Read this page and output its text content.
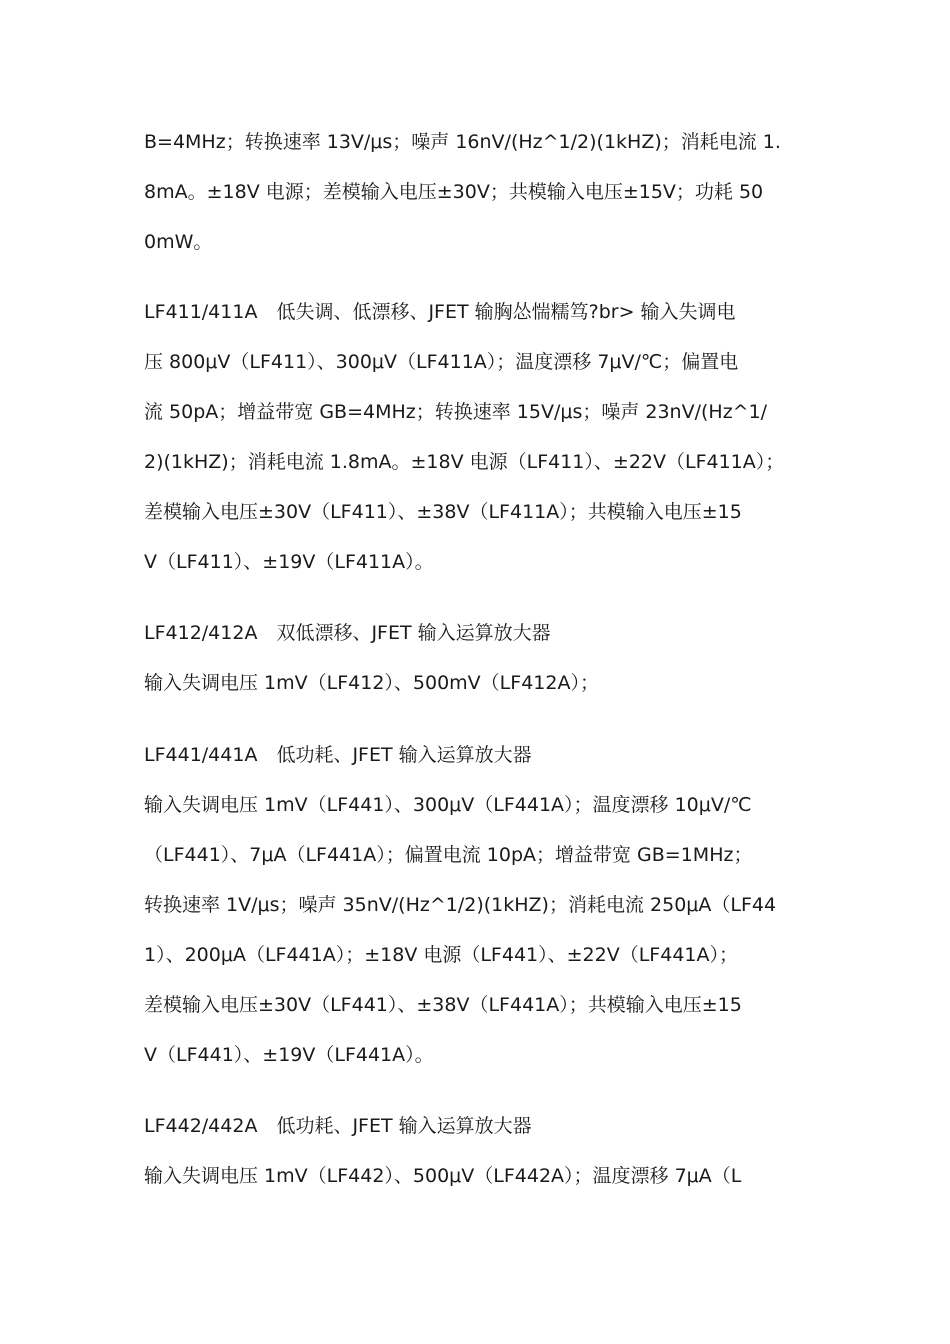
B=4MHz；转换速率 13V/μs；噪声 16nV/(Hz^1/2)(1kHZ)；消耗电流 1.
8mA。±18V 电源；差模输入电压±30V；共模输入电压±15V；功耗 50
0mW。
LF411/411A　低失调、低漂移、JFET 输胸怂惴糯笃?br> 输入失调电
压 800μV（LF411）、300μV（LF411A）；温度漂移 7μV/℃；偏置电
流 50pA；增益带宽 GB=4MHz；转换速率 15V/μs；噪声 23nV/(Hz^1/
2)(1kHZ)；消耗电流 1.8mA。±18V 电源（LF411）、±22V（LF411A）；
差模输入电压±30V（LF411）、±38V（LF411A）；共模输入电压±15
V（LF411）、±19V（LF411A）。
LF412/412A　双低漂移、JFET 输入运算放大器
输入失调电压 1mV（LF412）、500mV（LF412A）；
LF441/441A　低功耗、JFET 输入运算放大器
输入失调电压 1mV（LF441）、300μV（LF441A）；温度漂移 10μV/℃
（LF441）、7μA（LF441A）；偏置电流 10pA；增益带宽 GB=1MHz；
转换速率 1V/μs；噪声 35nV/(Hz^1/2)(1kHZ)；消耗电流 250μA（LF44
1）、200μA（LF441A）；±18V 电源（LF441）、±22V（LF441A）；
差模输入电压±30V（LF441）、±38V（LF441A）；共模输入电压±15
V（LF441）、±19V（LF441A）。
LF442/442A　低功耗、JFET 输入运算放大器
输入失调电压 1mV（LF442）、500μV（LF442A）；温度漂移 7μA（L
